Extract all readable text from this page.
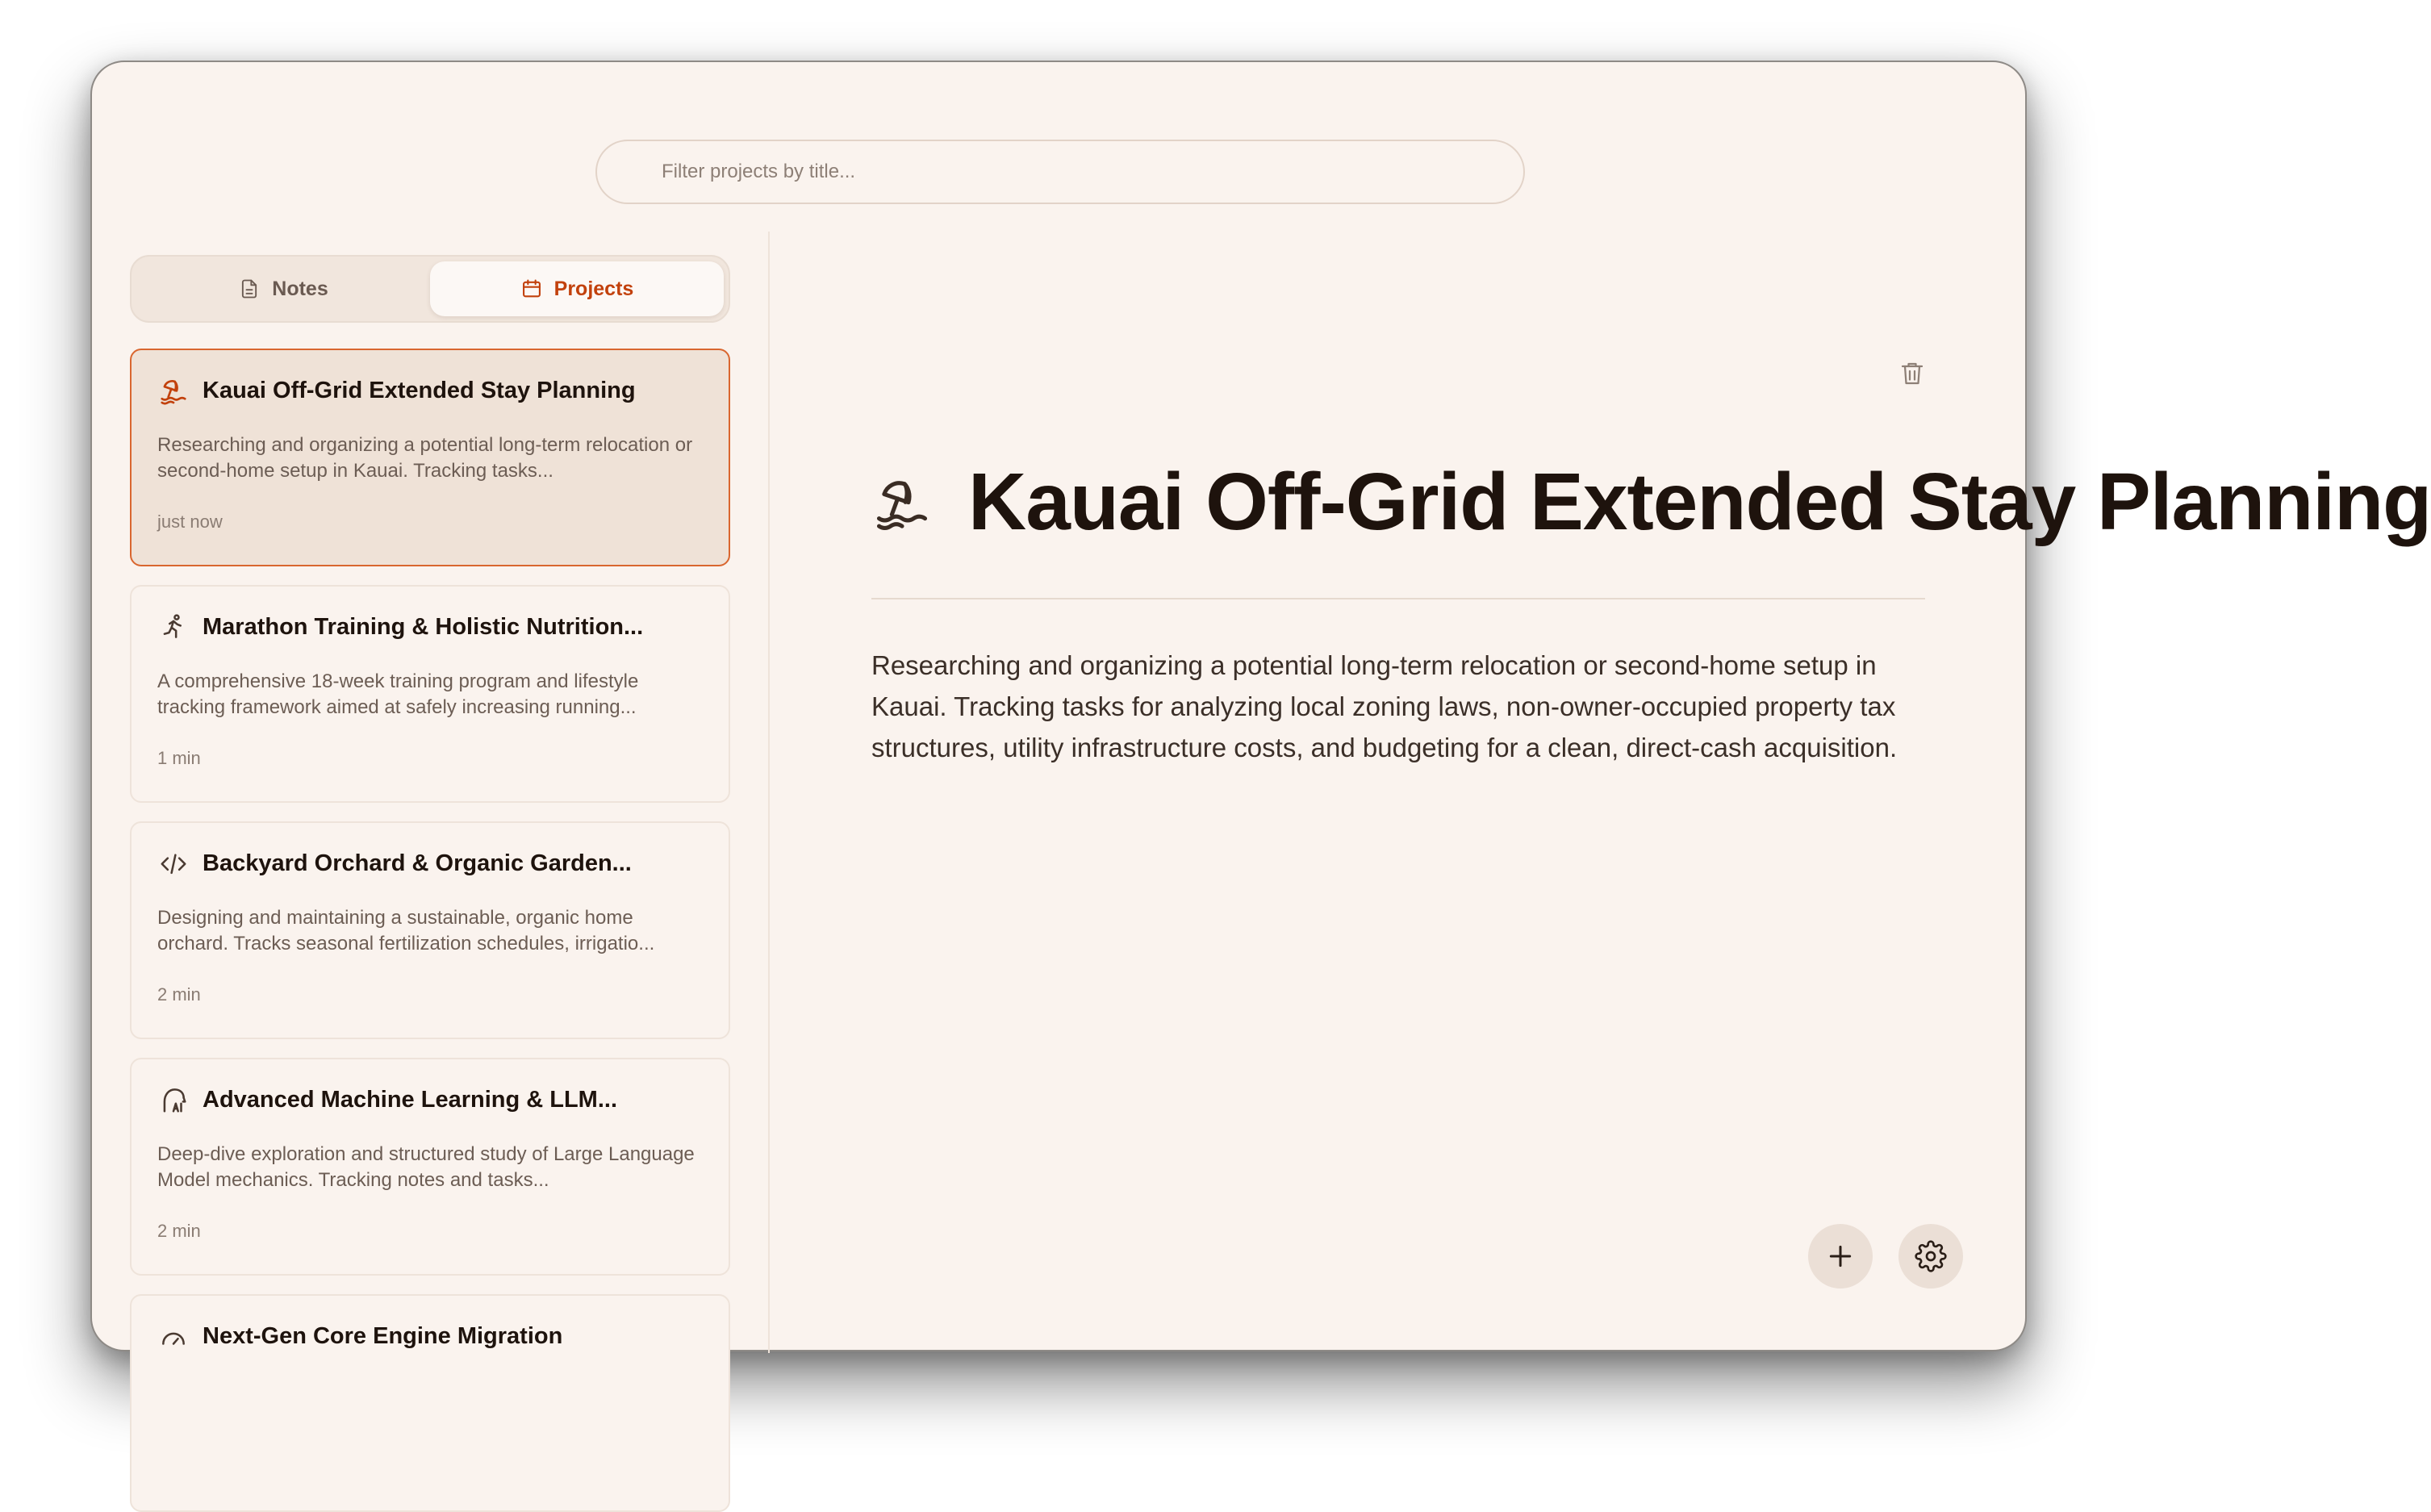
Filter projects by title...
Notes	Projects
Kauai Off-Grid Extended Stay Planning
Researching and organizing a potential long-term relocation or second-home setup in Kauai. Tracking tasks...
just now
Marathon Training & Holistic Nutrition...
A comprehensive 18-week training program and lifestyle tracking framework aimed at safely increasing running...
1 min
Backyard Orchard & Organic Garden...
Designing and maintaining a sustainable, organic home orchard. Tracks seasonal fertilization schedules, irrigatio...
2 min
Advanced Machine Learning & LLM...
Deep-dive exploration and structured study of Large Language Model mechanics. Tracking notes and tasks...
2 min
Next-Gen Core Engine Migration
Kauai Off-Grid Extended Stay Planning
Researching and organizing a potential long-term relocation or second-home setup in Kauai. Tracking tasks for analyzing local zoning laws, non-owner-occupied property tax structures, utility infrastructure costs, and budgeting for a clean, direct-cash acquisition.
